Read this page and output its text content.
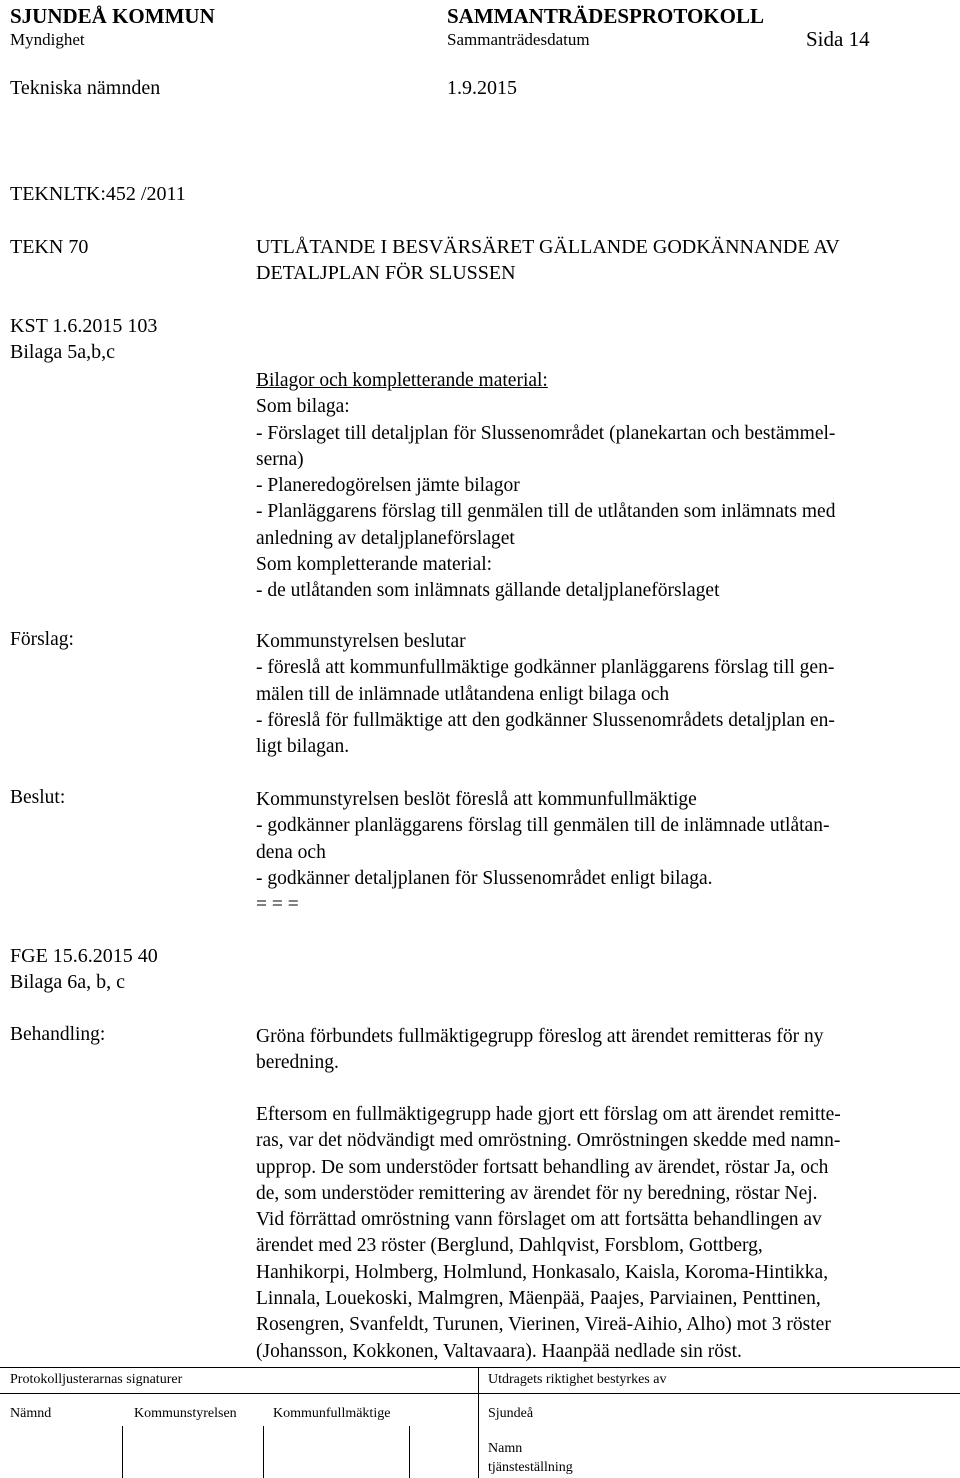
SJUNDEÅ KOMMUN	SAMMANTRÄDESPROTOKOLL
Myndighet	Sammanträdesdatum	Sida 14
Tekniska nämnden	1.9.2015
TEKNLTK:452 /2011
TEKN 70	UTLÅTANDE I BESVÄRSÄRET GÄLLANDE GODKÄNNANDE AV
DETALJPLAN FÖR SLUSSEN
KST 1.6.2015 103
Bilaga 5a,b,c
Bilagor och kompletterande material:
Som bilaga:
- Förslaget till detaljplan för Slussenområdet (planekartan och bestämmel-
serna)
- Planeredogörelsen jämte bilagor
- Planläggarens förslag till genmälen till de utlåtanden som inlämnats med
anledning av detaljplaneförslaget
Som kompletterande material:
- de utlåtanden som inlämnats gällande detaljplaneförslaget
Förslag:	Kommunstyrelsen beslutar
- föreslå att kommunfullmäktige godkänner planläggarens förslag till gen-
mälen till de inlämnade utlåtandena enligt bilaga och
- föreslå för fullmäktige att den godkänner Slussenområdets detaljplan en-
ligt bilagan.
Beslut:	Kommunstyrelsen beslöt föreslå att kommunfullmäktige
- godkänner planläggarens förslag till genmälen till de inlämnade utlåtan-
dena och
- godkänner detaljplanen för Slussenområdet enligt bilaga.
= = =
FGE 15.6.2015 40
Bilaga 6a, b, c
Behandling:	Gröna förbundets fullmäktigegrupp föreslog att ärendet remitteras för ny
beredning.
Eftersom en fullmäktigegrupp hade gjort ett förslag om att ärendet remitte-
ras, var det nödvändigt med omröstning. Omröstningen skedde med namn-
upprop. De som understöder fortsatt behandling av ärendet, röstar Ja, och
de, som understöder remittering av ärendet för ny beredning, röstar Nej.
Vid förrättad omröstning vann förslaget om att fortsätta behandlingen av
ärendet med 23 röster (Berglund, Dahlqvist, Forsblom, Gottberg,
Hanhikorpi, Holmberg, Holmlund, Honkasalo, Kaisla, Koroma-Hintikka,
Linnala, Louekoski, Malmgren, Mäenpää, Paajes, Parviainen, Penttinen,
Rosengren, Svanfeldt, Turunen, Vierinen, Vireä-Aihio, Alho) mot 3 röster
(Johansson, Kokkonen, Valtavaara). Haanpää nedlade sin röst.
Protokolljusterarnas signaturer	Utdragets riktighet bestyrkes av
Nämnd	Kommunstyrelsen	Kommunfullmäktige	Sjundeå
Namn
tjänsteställning
